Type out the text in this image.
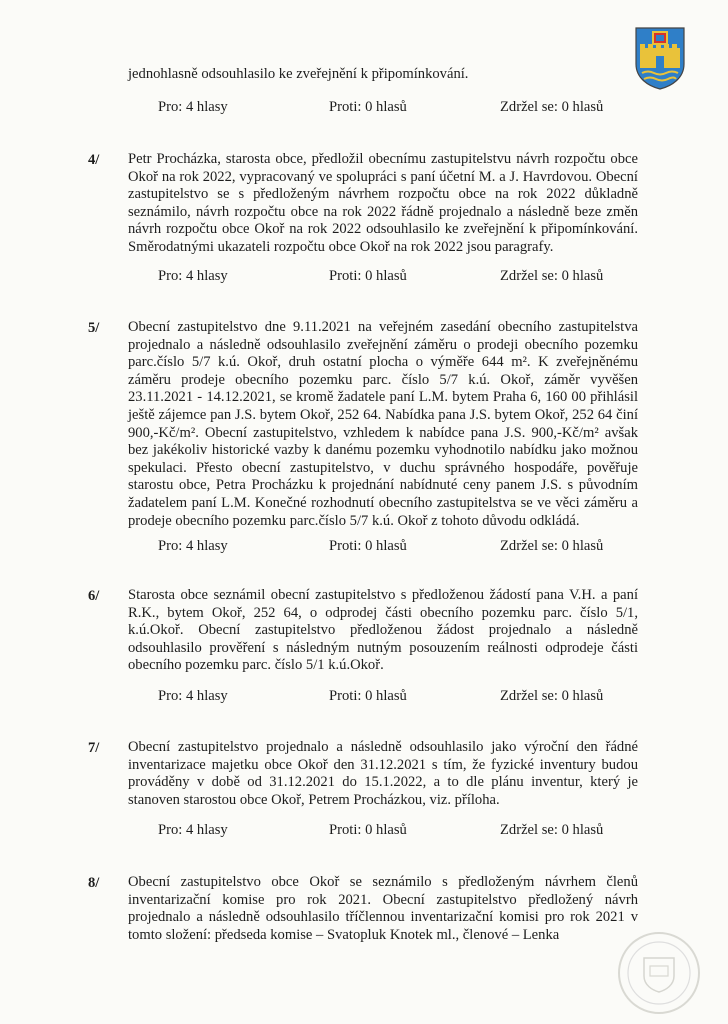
jednohlasně odsouhlasilo ke zveřejnění k připomínkování.
Pro: 4 hlasy	Proti: 0 hlasů	Zdržel se: 0 hlasů
4/ Petr Procházka, starosta obce, předložil obecnímu zastupitelstvu návrh rozpočtu obce Okoř na rok 2022, vypracovaný ve spolupráci s paní účetní M. a J. Havrdovou. Obecní zastupitelstvo se s předloženým návrhem rozpočtu obce na rok 2022 důkladně seznámilo, návrh rozpočtu obce na rok 2022 řádně projednalo a následně beze změn návrh rozpočtu obce Okoř na rok 2022 odsouhlasilo ke zveřejnění k připomínkování. Směrodatnými ukazateli rozpočtu obce Okoř na rok 2022 jsou paragrafy.

Pro: 4 hlasy	Proti: 0 hlasů	Zdržel se: 0 hlasů
5/ Obecní zastupitelstvo dne 9.11.2021 na veřejném zasedání obecního zastupitelstva projednalo a následně odsouhlasilo zveřejnění záměru o prodeji obecního pozemku parc.číslo 5/7 k.ú. Okoř, druh ostatní plocha o výměře 644 m². K zveřejněnému záměru prodeje obecního pozemku parc. číslo 5/7 k.ú. Okoř, záměr vyvěšen 23.11.2021 - 14.12.2021, se kromě žadatele paní L.M. bytem Praha 6, 160 00 přihlásil ještě zájemce pan J.S. bytem Okoř, 252 64. Nabídka pana J.S. bytem Okoř, 252 64 činí 900,-Kč/m². Obecní zastupitelstvo, vzhledem k nabídce pana J.S. 900,-Kč/m² avšak bez jakékoliv historické vazby k danému pozemku vyhodnotilo nabídku jako možnou spekulaci. Přesto obecní zastupitelstvo, v duchu správného hospodáře, pověřuje starostu obce, Petra Procházku k projednání nabídnuté ceny panem J.S. s původním žadatelem paní L.M. Konečné rozhodnutí obecního zastupitelstva se ve věci záměru a prodeje obecního pozemku parc.číslo 5/7 k.ú. Okoř z tohoto důvodu odkládá.

Pro: 4 hlasy	Proti: 0 hlasů	Zdržel se: 0 hlasů
6/ Starosta obce seznámil obecní zastupitelstvo s předloženou žádostí pana V.H. a paní R.K., bytem Okoř, 252 64, o odprodej části obecního pozemku parc. číslo 5/1, k.ú.Okoř. Obecní zastupitelstvo předloženou žádost projednalo a následně odsouhlasilo prověření s následným nutným posouzením reálnosti odprodeje části obecního pozemku parc. číslo 5/1 k.ú.Okoř.

Pro: 4 hlasy	Proti: 0 hlasů	Zdržel se: 0 hlasů
7/ Obecní zastupitelstvo projednalo a následně odsouhlasilo jako výroční den řádné inventarizace majetku obce Okoř den 31.12.2021 s tím, že fyzické inventury budou prováděny v době od 31.12.2021 do 15.1.2022, a to dle plánu inventur, který je stanoven starostou obce Okoř, Petrem Procházkou, viz. příloha.

Pro: 4 hlasy	Proti: 0 hlasů	Zdržel se: 0 hlasů
8/ Obecní zastupitelstvo obce Okoř se seznámilo s předloženým návrhem členů inventarizační komise pro rok 2021. Obecní zastupitelstvo předložený návrh projednalo a následně odsouhlasilo tříčlennou inventarizační komisi pro rok 2021 v tomto složení: předseda komise – Svatopluk Knotek ml., členové – Lenka
